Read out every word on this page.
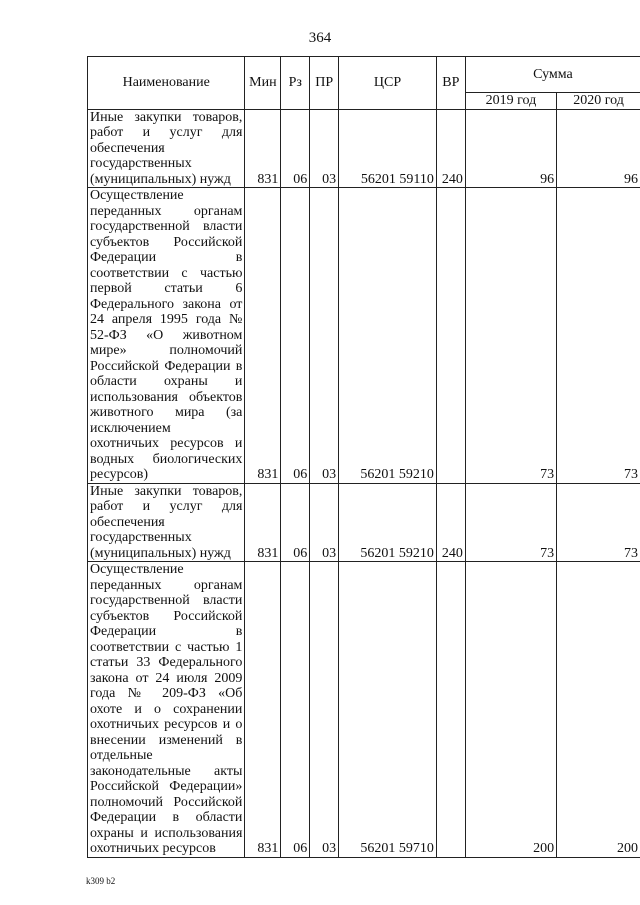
364
Наименование	Мин	Рз	ПР	ЦСР	ВР	Сумма	
						2019 год	2020 год
Иные закупки товаров, работ и услуг для обеспечения государственных (муниципальных) нужд	831	06	03	56201 59110	240	96	96
Осуществление переданных органам государственной власти субъектов Российской Федерации в соответствии с частью первой статьи 6 Федерального закона от 24 апреля 1995 года № 52-ФЗ «О животном мире» полномочий Российской Федерации в области охраны и использования объектов животного мира (за исключением охотничьих ресурсов и водных биологических ресурсов)	831	06	03	56201 59210		73	73
Иные закупки товаров, работ и услуг для обеспечения государственных (муниципальных) нужд	831	06	03	56201 59210	240	73	73
Осуществление переданных органам государственной власти субъектов Российской Федерации в соответствии с частью 1 статьи 33 Федерального закона от 24 июля 2009 года № 209-ФЗ «Об охоте и о сохранении охотничьих ресурсов и о внесении изменений в отдельные законодательные акты Российской Федерации» полномочий Российской Федерации в области охраны и использования охотничьих ресурсов	831	06	03	56201 59710		200	200
k309 b2
